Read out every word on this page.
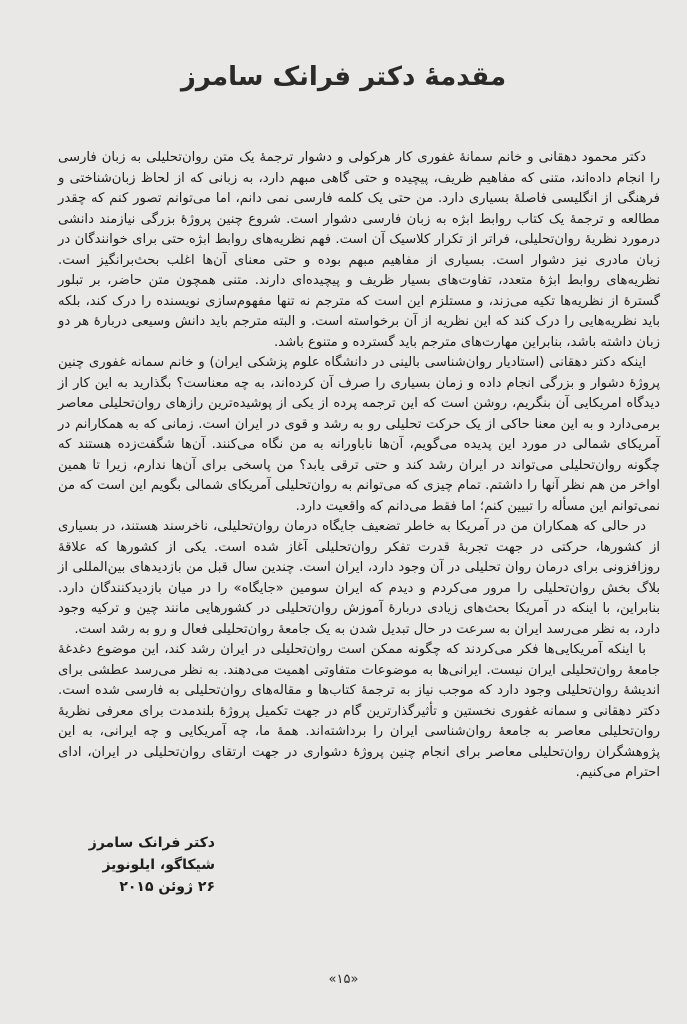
مقدمهٔ دکتر فرانک سامرز

دکتر محمود دهقانی و خانم سمانهٔ غفوری کار هرکولی و دشوار ترجمهٔ یک متن روان‌تحلیلی به زبان فارسی را انجام داده‌اند، متنی که مفاهیم ظریف، پیچیده و حتی گاهی مبهم دارد، به زبانی که از لحاظ زبان‌شناختی و فرهنگی از انگلیسی فاصلهٔ بسیاری دارد. من حتی یک کلمه فارسی نمی دانم، اما می‌توانم تصور کنم که چقدر مطالعه و ترجمهٔ یک کتاب روابط ابژه به زبان فارسی دشوار است. شروع چنین پروژهٔ بزرگی نیازمند دانشی درمورد نظریهٔ روان‌تحلیلی، فراتر از تکرار کلاسیک آن است. فهم نظریه‌های روابط ابژه حتی برای خوانندگان در زبان مادری نیز دشوار است. بسیاری از مفاهیم مبهم بوده و حتی معنای آن‌ها اغلب بحث‌برانگیز است. نظریه‌های روابط ابژهٔ متعدد، تفاوت‌های بسیار ظریف و پیچیده‌ای دارند. متنی همچون متن حاضر، بر تبلور گسترهٔ از نظریه‌ها تکیه می‌زند، و مستلزم این است که مترجم نه تنها مفهوم‌سازی نویسنده را درک کند، بلکه باید نظریه‌هایی را درک کند که این نظریه از آن برخواسته است. و البته مترجم باید دانش وسیعی دربارهٔ هر دو زبان داشته باشد، بنابراین مهارت‌های مترجم باید گسترده و متنوع باشد.

اینکه دکتر دهقانی (استادیار روان‌شناسی بالینی در دانشگاه علوم پزشکی ایران) و خانم سمانه غفوری چنین پروژهٔ دشوار و بزرگی انجام داده و زمان بسیاری را صرف آن کرده‌اند، به چه معناست؟ بگذارید به این کار از دیدگاه امریکایی آن بنگریم، روشن است که این ترجمه پرده از یکی از پوشیده‌ترین رازهای روان‌تحلیلی معاصر برمی‌دارد و به این معنا حاکی از یک حرکت تحلیلی رو به رشد و قوی در ایران است. زمانی که به همکارانم در آمریکای شمالی در مورد این پدیده می‌گویم، آن‌ها ناباورانه به من نگاه می‌کنند. آن‌ها شگفت‌زده هستند که چگونه روان‌تحلیلی می‌تواند در ایران رشد کند و حتی ترقی یابد؟ من پاسخی برای آن‌ها ندارم، زیرا تا همین اواخر من هم نظر آنها را داشتم. تمام چیزی که می‌توانم به روان‌تحلیلی آمریکای شمالی بگویم این است که من نمی‌توانم این مسأله را تبیین کنم؛ اما فقط می‌دانم که واقعیت دارد.

در حالی که همکاران من در آمریکا به خاطر تضعیف جایگاه درمان روان‌تحلیلی، ناخرسند هستند، در بسیاری از کشورها، حرکتی در جهت تجربهٔ قدرت تفکر روان‌تحلیلی آغاز شده است. یکی از کشورها که علاقهٔ روزافزونی برای درمان روان تحلیلی در آن وجود دارد، ایران است. چندین سال قبل من بازدیدهای بین‌المللی از بلاگ بخش روان‌تحلیلی را مرور می‌کردم و دیدم که ایران سومین «جایگاه» را در میان بازدیدکنندگان دارد. بنابراین، با اینکه در آمریکا بحث‌های زیادی دربارهٔ آموزش روان‌تحلیلی در کشورهایی مانند چین و ترکیه وجود دارد، به نظر می‌رسد ایران به سرعت در حال تبدیل شدن به یک جامعهٔ روان‌تحلیلی فعال و رو به رشد است.

با اینکه آمریکایی‌ها فکر می‌کردند که چگونه ممکن است روان‌تحلیلی در ایران رشد کند، این موضوع دغدغهٔ جامعهٔ روان‌تحلیلی ایران نیست. ایرانی‌ها به موضوعات متفاوتی اهمیت می‌دهند. به نظر می‌رسد عطشی برای اندیشهٔ روان‌تحلیلی وجود دارد که موجب نیاز به ترجمهٔ کتاب‌ها و مقاله‌های روان‌تحلیلی به فارسی شده است. دکتر دهقانی و سمانه غفوری نخستین و تأثیرگذارترین گام در جهت تکمیل پروژهٔ بلندمدت برای معرفی نظریهٔ روان‌تحلیلی معاصر به جامعهٔ روان‌شناسی ایران را برداشته‌اند. همهٔ ما، چه آمریکایی و چه ایرانی، به این پژوهشگران روان‌تحلیلی معاصر برای انجام چنین پروژهٔ دشواری در جهت ارتقای روان‌تحلیلی در ایران، ادای احترام می‌کنیم.

دکتر فرانک سامرز
شیکاگو، ایلونویز
۲۶ ژوئن ۲۰۱۵
«۱۵»
